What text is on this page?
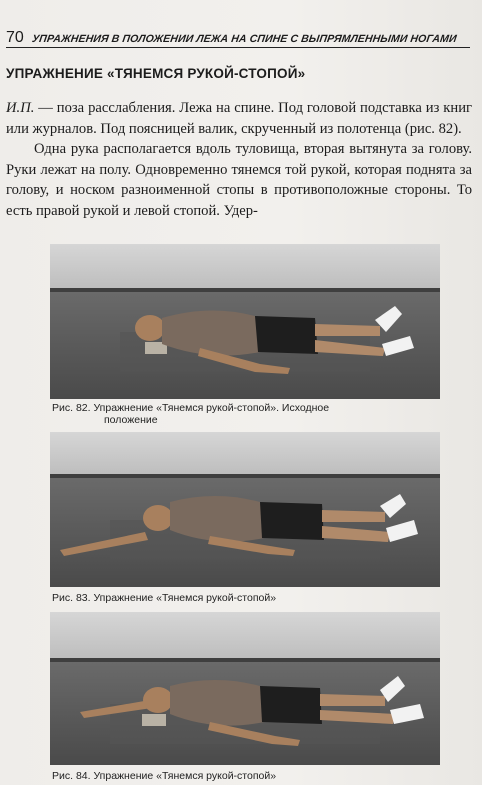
70 УПРАЖНЕНИЯ В ПОЛОЖЕНИИ ЛЕЖА НА СПИНЕ С ВЫПРЯМЛЕННЫМИ НОГАМИ
УПРАЖНЕНИЕ «ТЯНЕМСЯ РУКОЙ-СТОПОЙ»

И.П. — поза расслабления. Лежа на спине. Под головой подставка из книг или журналов. Под поясницей валик, скрученный из полотенца (рис. 82).

Одна рука располагается вдоль туловища, вторая вытянута за голову. Руки лежат на полу. Одновременно тянемся той рукой, которая поднята за голову, и носком разноименной стопы в противоположные стороны. То есть правой рукой и левой стопой. Удер-

Рис. 82. Упражнение «Тянемся рукой-стопой». Исходное
положение
Рис. 83. Упражнение «Тянемся рукой-стопой»
Рис. 84. Упражнение «Тянемся рукой-стопой»
